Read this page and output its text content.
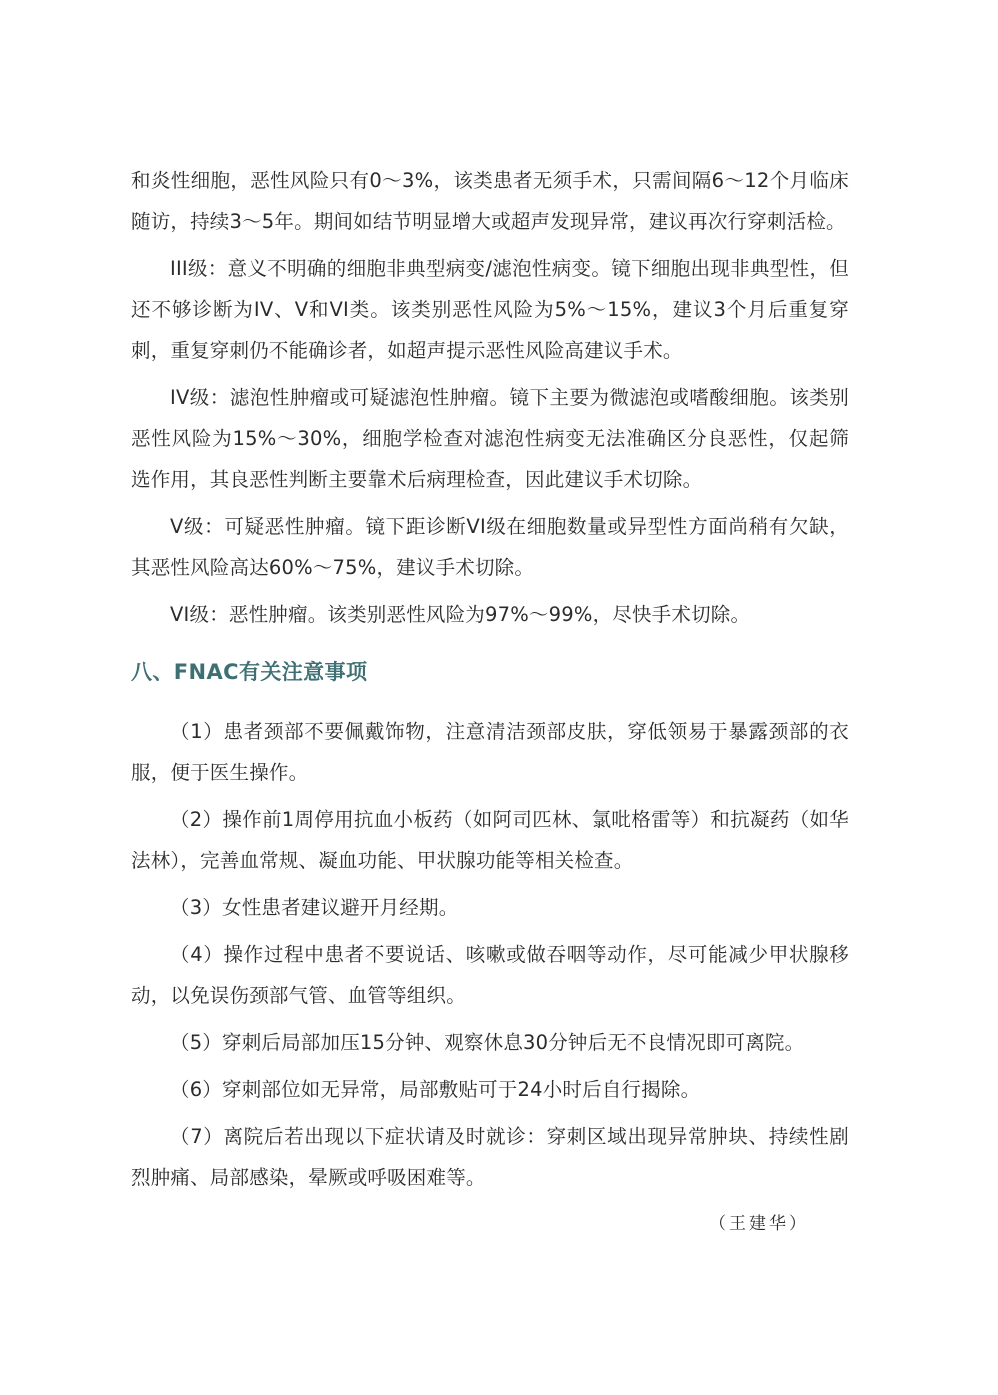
和炎性细胞，恶性风险只有0～3%，该类患者无须手术，只需间隔6～12个月临床随访，持续3～5年。期间如结节明显增大或超声发现异常，建议再次行穿刺活检。

III级：意义不明确的细胞非典型病变/滤泡性病变。镜下细胞出现非典型性，但还不够诊断为IV、V和VI类。该类别恶性风险为5%～15%，建议3个月后重复穿刺，重复穿刺仍不能确诊者，如超声提示恶性风险高建议手术。

IV级：滤泡性肿瘤或可疑滤泡性肿瘤。镜下主要为微滤泡或嗜酸细胞。该类别恶性风险为15%～30%，细胞学检查对滤泡性病变无法准确区分良恶性，仅起筛选作用，其良恶性判断主要靠术后病理检查，因此建议手术切除。

V级：可疑恶性肿瘤。镜下距诊断VI级在细胞数量或异型性方面尚稍有欠缺，其恶性风险高达60%～75%，建议手术切除。

VI级：恶性肿瘤。该类别恶性风险为97%～99%，尽快手术切除。

八、FNAC有关注意事项

（1）患者颈部不要佩戴饰物，注意清洁颈部皮肤，穿低领易于暴露颈部的衣服，便于医生操作。

（2）操作前1周停用抗血小板药（如阿司匹林、氯吡格雷等）和抗凝药（如华法林），完善血常规、凝血功能、甲状腺功能等相关检查。

（3）女性患者建议避开月经期。

（4）操作过程中患者不要说话、咳嗽或做吞咽等动作，尽可能减少甲状腺移动，以免误伤颈部气管、血管等组织。

（5）穿刺后局部加压15分钟、观察休息30分钟后无不良情况即可离院。

（6）穿刺部位如无异常，局部敷贴可于24小时后自行揭除。

（7）离院后若出现以下症状请及时就诊：穿刺区域出现异常肿块、持续性剧烈肿痛、局部感染，晕厥或呼吸困难等。

（王建华）
